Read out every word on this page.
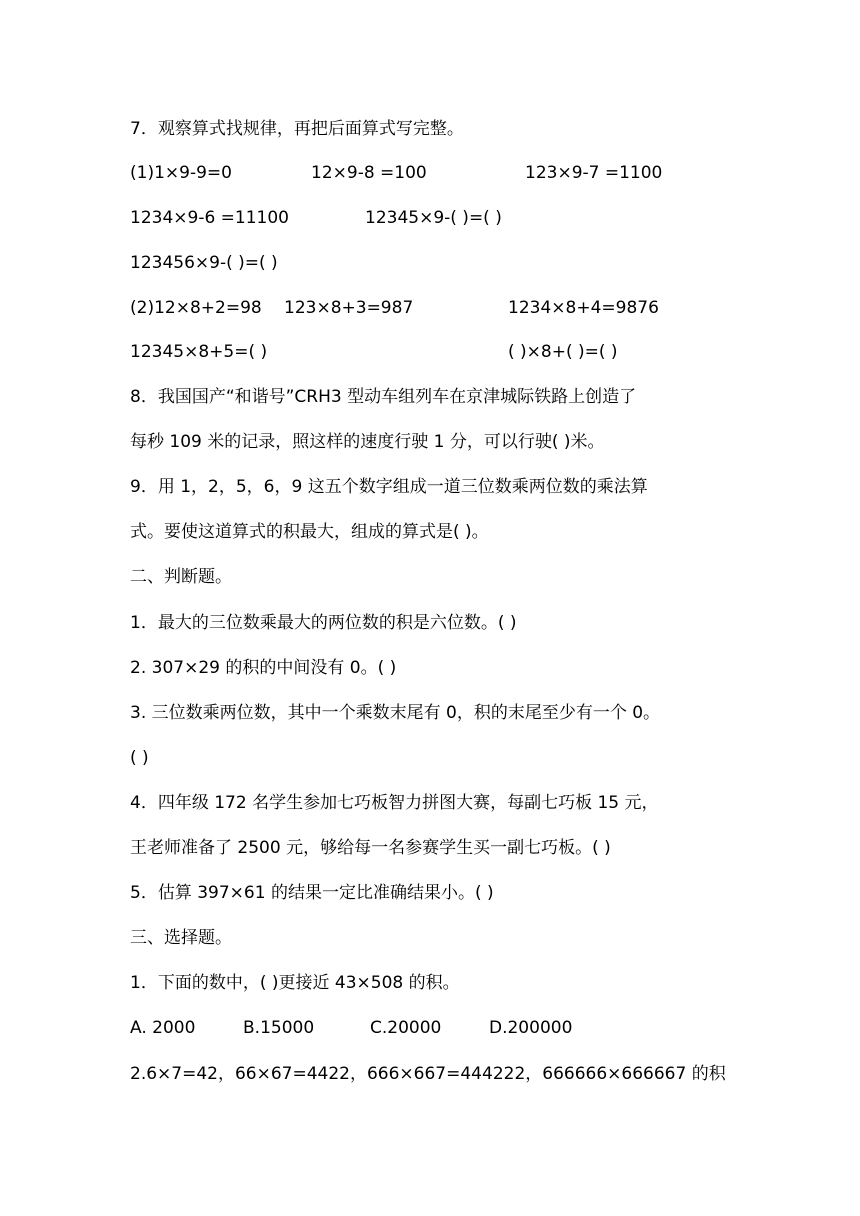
7．观察算式找规律，再把后面算式写完整。
(1)1×9-9=0	12×9-8 =100	123×9-7 =1100
1234×9-6 =11100	12345×9-( )=( )
123456×9-( )=( )
(2)12×8+2=98 123×8+3=987	1234×8+4=9876
12345×8+5=( )	( )×8+( )=( )
8．我国国产“和谐号”CRH3 型动车组列车在京津城际铁路上创造了
每秒 109 米的记录，照这样的速度行驶 1 分，可以行驶( )米。
9．用 1，2，5，6，9 这五个数字组成一道三位数乘两位数的乘法算
式。要使这道算式的积最大，组成的算式是( )。
二、判断题。
1．最大的三位数乘最大的两位数的积是六位数。( )
2. 307×29 的积的中间没有 0。( )
3. 三位数乘两位数，其中一个乘数末尾有 0，积的末尾至少有一个 0。
( )
4．四年级 172 名学生参加七巧板智力拼图大赛，每副七巧板 15 元，
王老师准备了 2500 元，够给每一名参赛学生买一副七巧板。( )
5．估算 397×61 的结果一定比准确结果小。( )
三、选择题。
1．下面的数中，( )更接近 43×508 的积。
A. 2000	B.15000	C.20000	D.200000
2.6×7=42，66×67=4422，666×667=444222，666666×666667 的积
